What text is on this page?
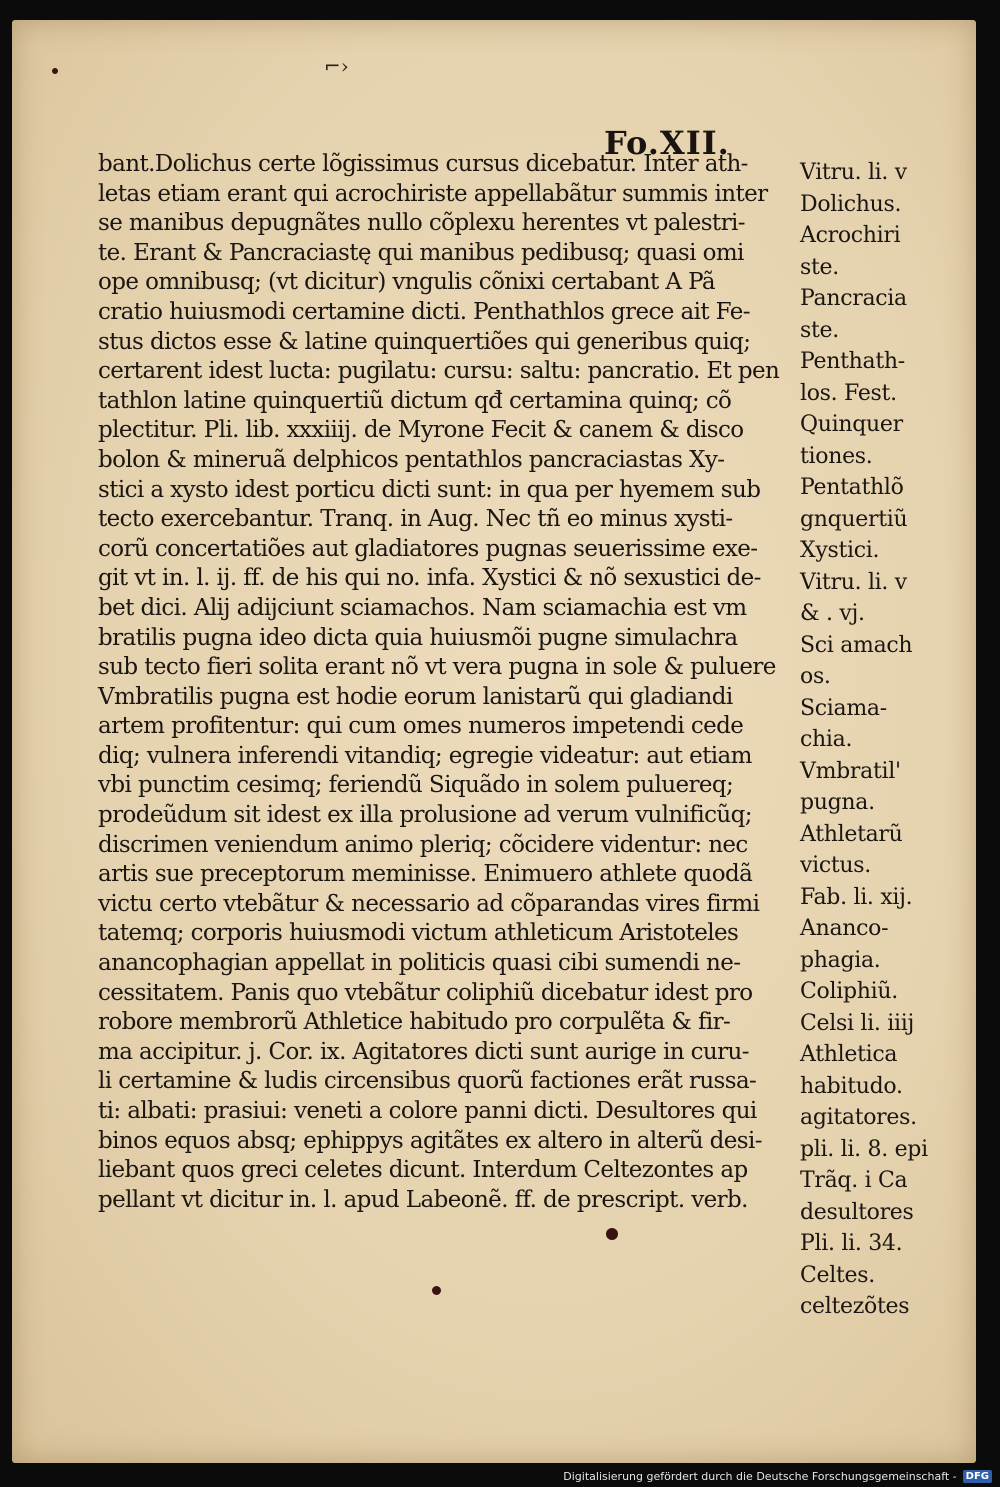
⌐›
Fo.XII.
bant.Dolichus certe lõgissimus cursus dicebatur. Inter ath-
letas etiam erant qui acrochiriste appellabãtur summis inter
se manibus depugnãtes nullo cõplexu herentes vt palestri-
te. Erant & Pancraciastę qui manibus pedibusq; quasi omi
ope omnibusq; (vt dicitur) vngulis cõnixi certabant A Pã
cratio huiusmodi certamine dicti. Penthathlos grece ait Fe-
stus dictos esse & latine quinquertiões qui generibus quiq;
certarent idest lucta: pugilatu: cursu: saltu: pancratio. Et pen
tathlon latine quinquertiũ dictum qđ certamina quinq; cõ
plectitur. Pli. lib. xxxiiij. de Myrone Fecit & canem & disco
bolon & mineruã delphicos pentathlos pancraciastas Xy-
stici a xysto idest porticu dicti sunt: in qua per hyemem sub
tecto exercebantur. Tranq. in Aug. Nec tñ eo minus xysti-
corũ concertatiões aut gladiatores pugnas seuerissime exe-
git vt in. l. ij. ff. de his qui no. infa. Xystici & nõ sexustici de-
bet dici. Alij adijciunt sciamachos. Nam sciamachia est vm
bratilis pugna ideo dicta quia huiusmõi pugne simulachra
sub tecto fieri solita erant nõ vt vera pugna in sole & puluere
Vmbratilis pugna est hodie eorum lanistarũ qui gladiandi
artem profitentur: qui cum omes numeros impetendi cede
diq; vulnera inferendi vitandiq; egregie videatur: aut etiam
vbi punctim cesimq; feriendũ Siquãdo in solem puluereq;
prodeũdum sit idest ex illa prolusione ad verum vulnificũq;
discrimen veniendum animo pleriq; cõcidere videntur: nec
artis sue preceptorum meminisse. Enimuero athlete quodã
victu certo vtebãtur & necessario ad cõparandas vires firmi
tatemq; corporis huiusmodi victum athleticum Aristoteles
anancophagian appellat in politicis quasi cibi sumendi ne-
cessitatem. Panis quo vtebãtur coliphiũ dicebatur idest pro
robore membrorũ Athletice habitudo pro corpulẽta & fir-
ma accipitur. j. Cor. ix. Agitatores dicti sunt aurige in curu-
li certamine & ludis circensibus quorũ factiones erãt russa-
ti: albati: prasiui: veneti a colore panni dicti. Desultores qui
binos equos absq; ephippys agitãtes ex altero in alterũ desi-
liebant quos greci celetes dicunt. Interdum Celtezontes ap
pellant vt dicitur in. l. apud Labeonẽ. ff. de prescript. verb.
Vitru. li. v
Dolichus.
Acrochiri
ste.
Pancracia
ste.
Penthath-
los. Fest.
Quinquer
tiones.
Pentathlõ
gnquertiũ
Xystici.
Vitru. li. v
& . vj.
Sci amach
os.
Sciama-
chia.
Vmbratil'
pugna.
Athletarũ
victus.
Fab. li. xij.
Ananco-
phagia.
Coliphiũ.
Celsi li. iiij
Athletica
habitudo.
agitatores.
pli. li. 8. epi
Trãq. i Ca
desultores
Pli. li. 34.
Celtes.
celtezõtes
Digitalisierung gefördert durch die Deutsche Forschungsgemeinschaft - DFG
